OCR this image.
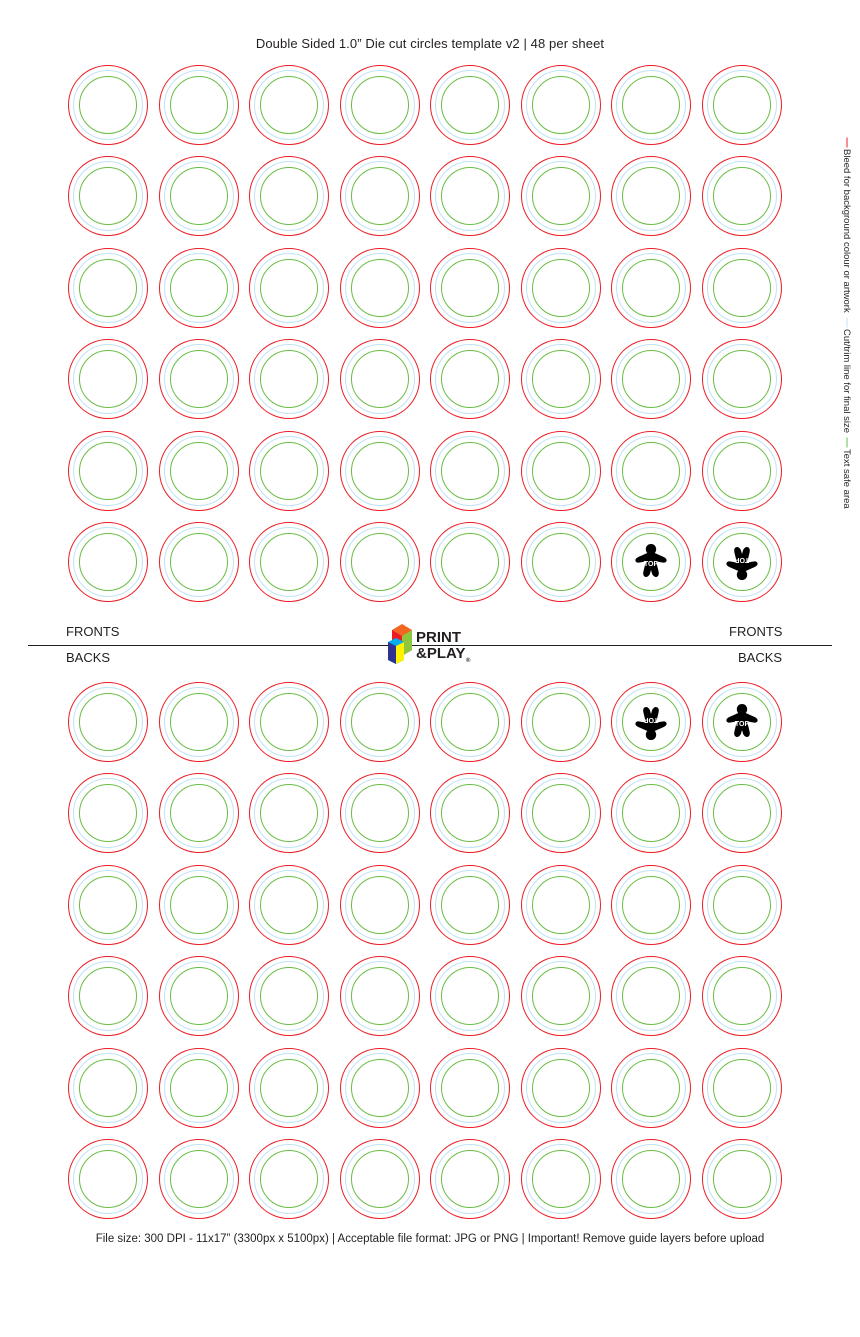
Double Sided 1.0” Die cut circles template v2 | 48 per sheet
TOP
TOP
FRONTS	FRONTS
BACKS	BACKS
PRINT
&PLAY ®
TOP
TOP
File size: 300 DPI - 11x17” (3300px x 5100px) | Acceptable file format: JPG or PNG | Important! Remove guide layers before upload
Bleed for background colour or artwork
Cut/trim line for final size
Text safe area
